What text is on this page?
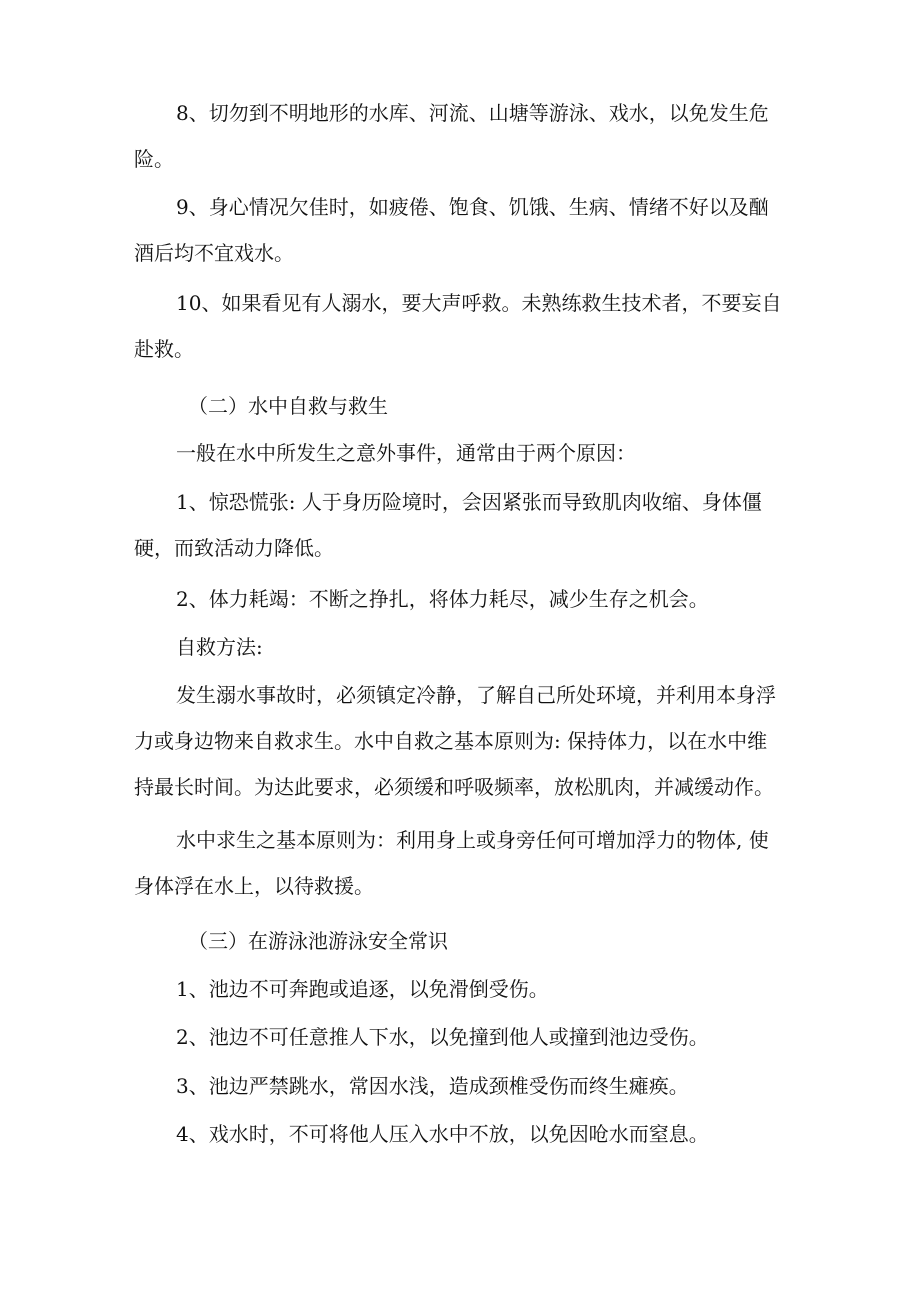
8、切勿到不明地形的水库、河流、山塘等游泳、戏水，以免发生危险。

9、身心情况欠佳时，如疲倦、饱食、饥饿、生病、情绪不好以及酗酒后均不宜戏水。

10、如果看见有人溺水，要大声呼救。未熟练救生技术者，不要妄自赴救。

（二）水中自救与救生

一般在水中所发生之意外事件，通常由于两个原因：

1、惊恐慌张: 人于身历险境时，会因紧张而导致肌肉收缩、身体僵硬，而致活动力降低。

2、体力耗竭：不断之挣扎，将体力耗尽，减少生存之机会。

自救方法:

发生溺水事故时，必须镇定冷静，了解自己所处环境，并利用本身浮力或身边物来自救求生。水中自救之基本原则为: 保持体力，以在水中维持最长时间。为达此要求，必须缓和呼吸频率，放松肌肉，并减缓动作。

水中求生之基本原则为：利用身上或身旁任何可增加浮力的物体, 使身体浮在水上，以待救援。

（三）在游泳池游泳安全常识

1、池边不可奔跑或追逐，以免滑倒受伤。

2、池边不可任意推人下水，以免撞到他人或撞到池边受伤。

3、池边严禁跳水，常因水浅，造成颈椎受伤而终生瘫痪。

4、戏水时，不可将他人压入水中不放，以免因呛水而窒息。
